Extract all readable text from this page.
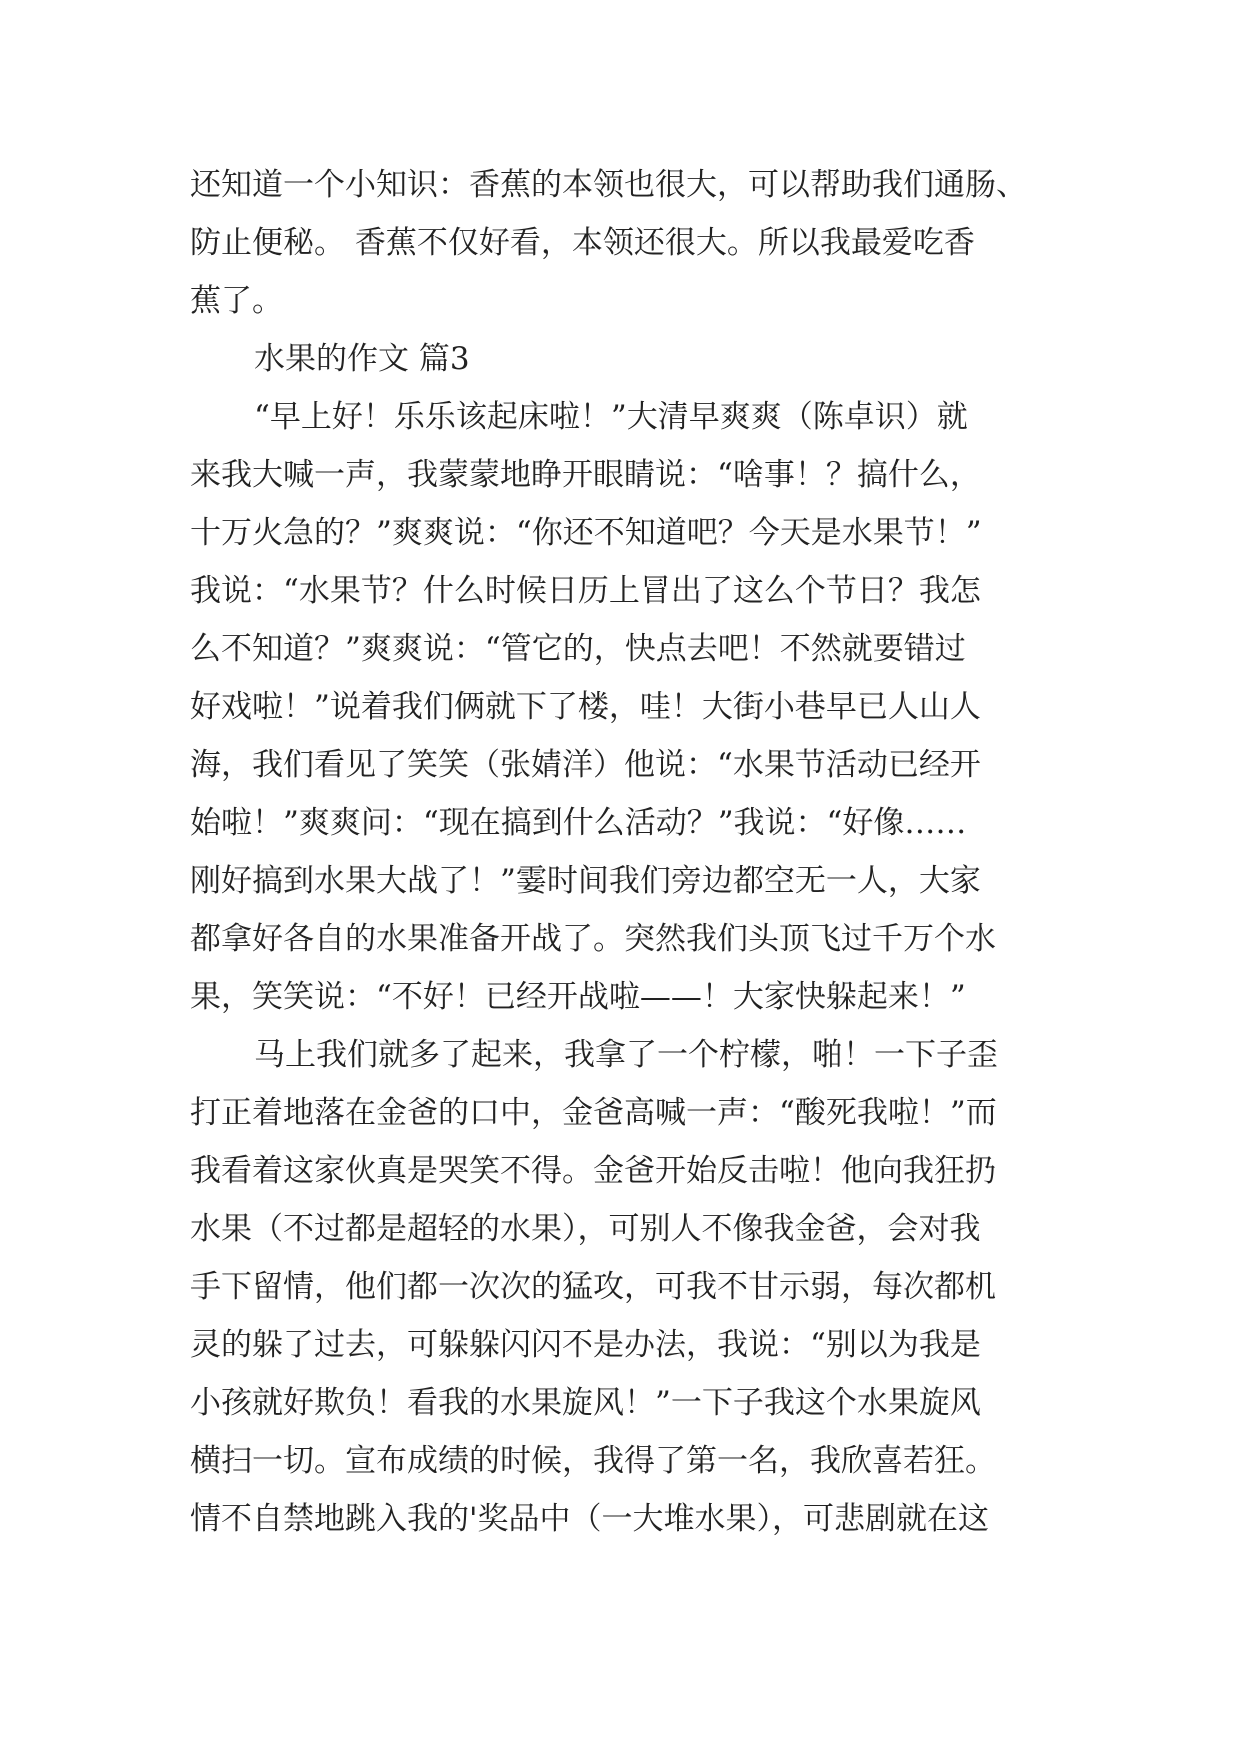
还知道一个小知识：香蕉的本领也很大，可以帮助我们通肠、
防止便秘。 香蕉不仅好看，本领还很大。所以我最爱吃香
蕉了。
水果的作文 篇3
“早上好！乐乐该起床啦！”大清早爽爽（陈卓识）就
来我大喊一声，我蒙蒙地睁开眼睛说：“啥事！？搞什么，
十万火急的？”爽爽说：“你还不知道吧？今天是水果节！”
我说：“水果节？什么时候日历上冒出了这么个节日？我怎
么不知道？”爽爽说：“管它的，快点去吧！不然就要错过
好戏啦！”说着我们俩就下了楼，哇！大街小巷早已人山人
海，我们看见了笑笑（张婧洋）他说：“水果节活动已经开
始啦！”爽爽问：“现在搞到什么活动？”我说：“好像……
刚好搞到水果大战了！”霎时间我们旁边都空无一人，大家
都拿好各自的水果准备开战了。突然我们头顶飞过千万个水
果，笑笑说：“不好！已经开战啦——！大家快躲起来！”
马上我们就多了起来，我拿了一个柠檬，啪！一下子歪
打正着地落在金爸的口中，金爸高喊一声：“酸死我啦！”而
我看着这家伙真是哭笑不得。金爸开始反击啦！他向我狂扔
水果（不过都是超轻的水果），可别人不像我金爸，会对我
手下留情，他们都一次次的猛攻，可我不甘示弱，每次都机
灵的躲了过去，可躲躲闪闪不是办法，我说：“别以为我是
小孩就好欺负！看我的水果旋风！”一下子我这个水果旋风
横扫一切。宣布成绩的时候，我得了第一名，我欣喜若狂。
情不自禁地跳入我的'奖品中（一大堆水果），可悲剧就在这
